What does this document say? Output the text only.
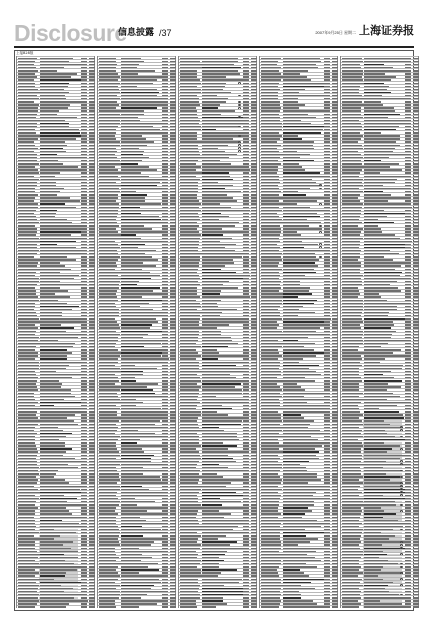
Disclosure
信息披露 /37	2007年9月25日 星期二 上海证券报
上接B28版
